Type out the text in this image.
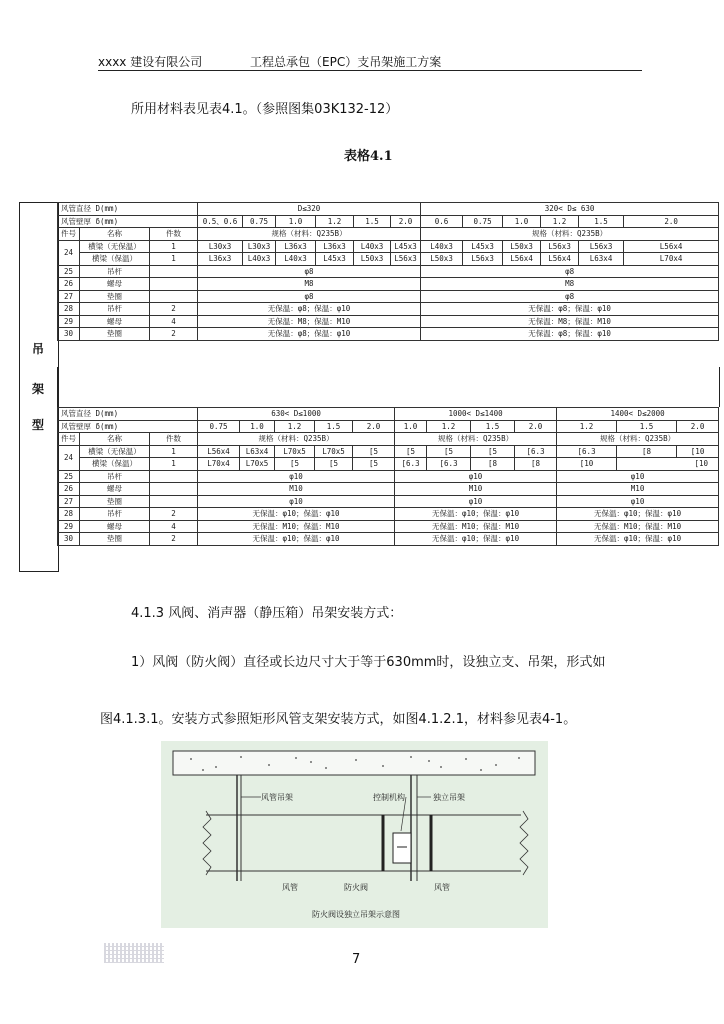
xxxx 建设有限公司	工程总承包（EPC）支吊架施工方案
所用材料表见表4.1。（参照图集03K132-12）
表格4.1
吊
架
型
风管直径 D(mm)			D≤320						320< D≤ 630					
风管壁厚 δ(mm)			0.5、0.6	0.75	1.0	1.2	1.5	2.0	0.6	0.75	1.0	1.2	1.5	2.0
件号	名称	件数	规格（材料：Q235B）						规格（材料：Q235B）					
24	横梁（无保温）	1	L30x3	L30x3	L36x3	L36x3	L40x3	L45x3	L40x3	L45x3	L50x3	L56x3	L56x3	L56x4
	横梁（保温）	1	L36x3	L40x3	L40x3	L45x3	L50x3	L56x3	L50x3	L56x3	L56x4	L56x4	L63x4	L70x4
25	吊杆		φ8						φ8					
26	螺母		M8						M8					
27	垫圈		φ8						φ8					
28	吊杆	2	无保温：φ8；保温：φ10						无保温：φ8；保温：φ10					
29	螺母	4	无保温：M8；保温：M10						无保温：M8；保温：M10					
30	垫圈	2	无保温：φ8；保温：φ10						无保温：φ8；保温：φ10					
风管直径 D(mm)			630< D≤1000					1000< D≤1400				1400< D≤2000		
风管壁厚 δ(mm)			0.75	1.0	1.2	1.5	2.0	1.0	1.2	1.5	2.0	1.2	1.5	2.0
件号	名称	件数	规格（材料：Q235B）					规格（材料：Q235B）				规格（材料：Q235B）		
24	横梁（无保温）	1	L56x4	L63x4	L70x5	L70x5	[5	[5	[5	[5	[6.3	[6.3	[8	[10
	横梁（保温）	1	L70x4	L70x5	[5	[5	[5	[6.3	[6.3	[8	[8	[10	[10	
25	吊杆		φ10					φ10				φ10		
26	螺母		M10					M10				M10		
27	垫圈		φ10					φ10				φ10		
28	吊杆	2	无保温：φ10；保温：φ10					无保温：φ10；保温：φ10				无保温：φ10；保温：φ10		
29	螺母	4	无保温：M10；保温：M10					无保温：M10；保温：M10				无保温：M10；保温：M10		
30	垫圈	2	无保温：φ10；保温：φ10					无保温：φ10；保温：φ10				无保温：φ10；保温：φ10		
4.1.3 风阀、消声器（静压箱）吊架安装方式：
1）风阀（防火阀）直径或长边尺寸大于等于630mm时，设独立支、吊架，形式如
图4.1.3.1。安装方式参照矩形风管支架安装方式，如图4.1.2.1，材料参见表4-1。
风管吊架	控制机构	独立吊架
风管	防火阀	风管
防火阀设独立吊架示意图
7
